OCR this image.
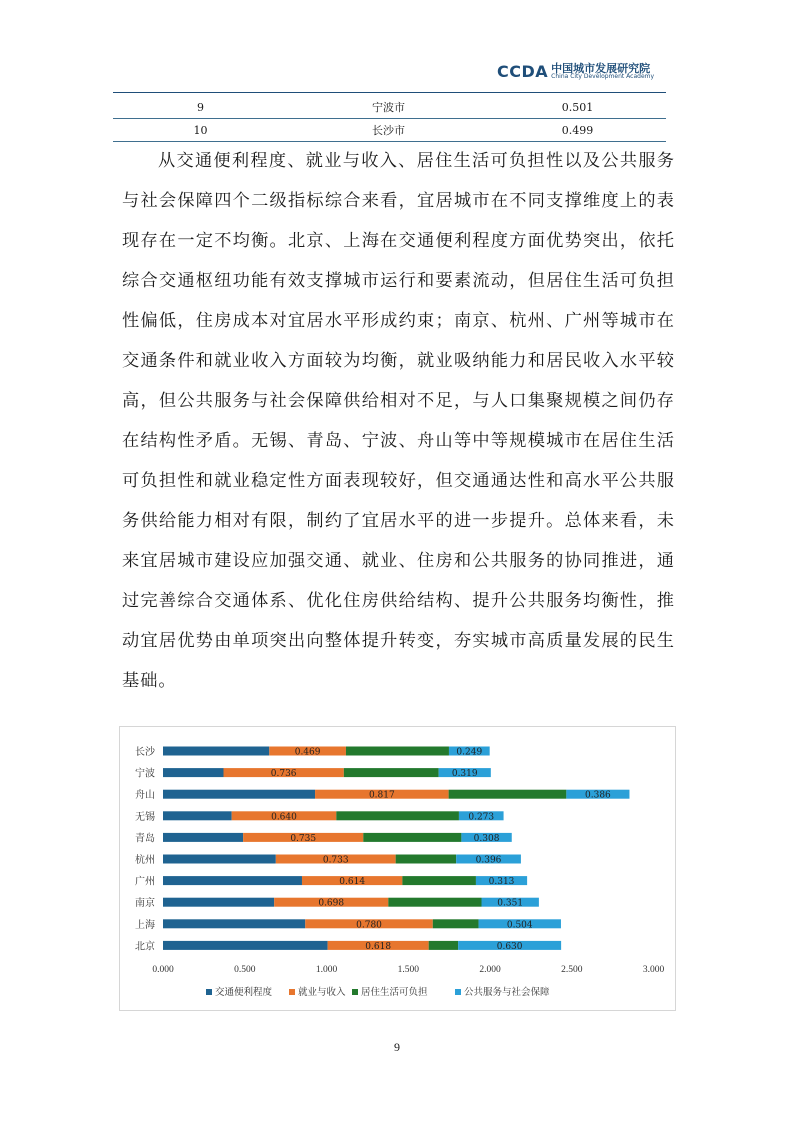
CCDA 中国城市发展研究院
China City Development Academy
9	宁波市	0.501
10	长沙市	0.499

从交通便利程度、就业与收入、居住生活可负担性以及公共服务与社会保障四个二级指标综合来看，宜居城市在不同支撑维度上的表现存在一定不均衡。北京、上海在交通便利程度方面优势突出，依托综合交通枢纽功能有效支撑城市运行和要素流动，但居住生活可负担性偏低，住房成本对宜居水平形成约束；南京、杭州、广州等城市在交通条件和就业收入方面较为均衡，就业吸纳能力和居民收入水平较高，但公共服务与社会保障供给相对不足，与人口集聚规模之间仍存在结构性矛盾。无锡、青岛、宁波、舟山等中等规模城市在居住生活可负担性和就业稳定性方面表现较好，但交通通达性和高水平公共服务供给能力相对有限，制约了宜居水平的进一步提升。总体来看，未来宜居城市建设应加强交通、就业、住房和公共服务的协同推进，通过完善综合交通体系、优化住房供给结构、提升公共服务均衡性，推动宜居优势由单项突出向整体提升转变，夯实城市高质量发展的民生基础。

长沙	0.469	0.249
宁波	0.736	0.319
舟山	0.817	0.386
无锡	0.640	0.273
青岛	0.735	0.308
杭州	0.733	0.396
广州	0.614	0.313
南京	0.698	0.351
上海	0.780	0.504
北京	0.618	0.630
0.000	0.500	1.000	1.500	2.000	2.500	3.000
交通便利程度	就业与收入 居住生活可负担	公共服务与社会保障
9
